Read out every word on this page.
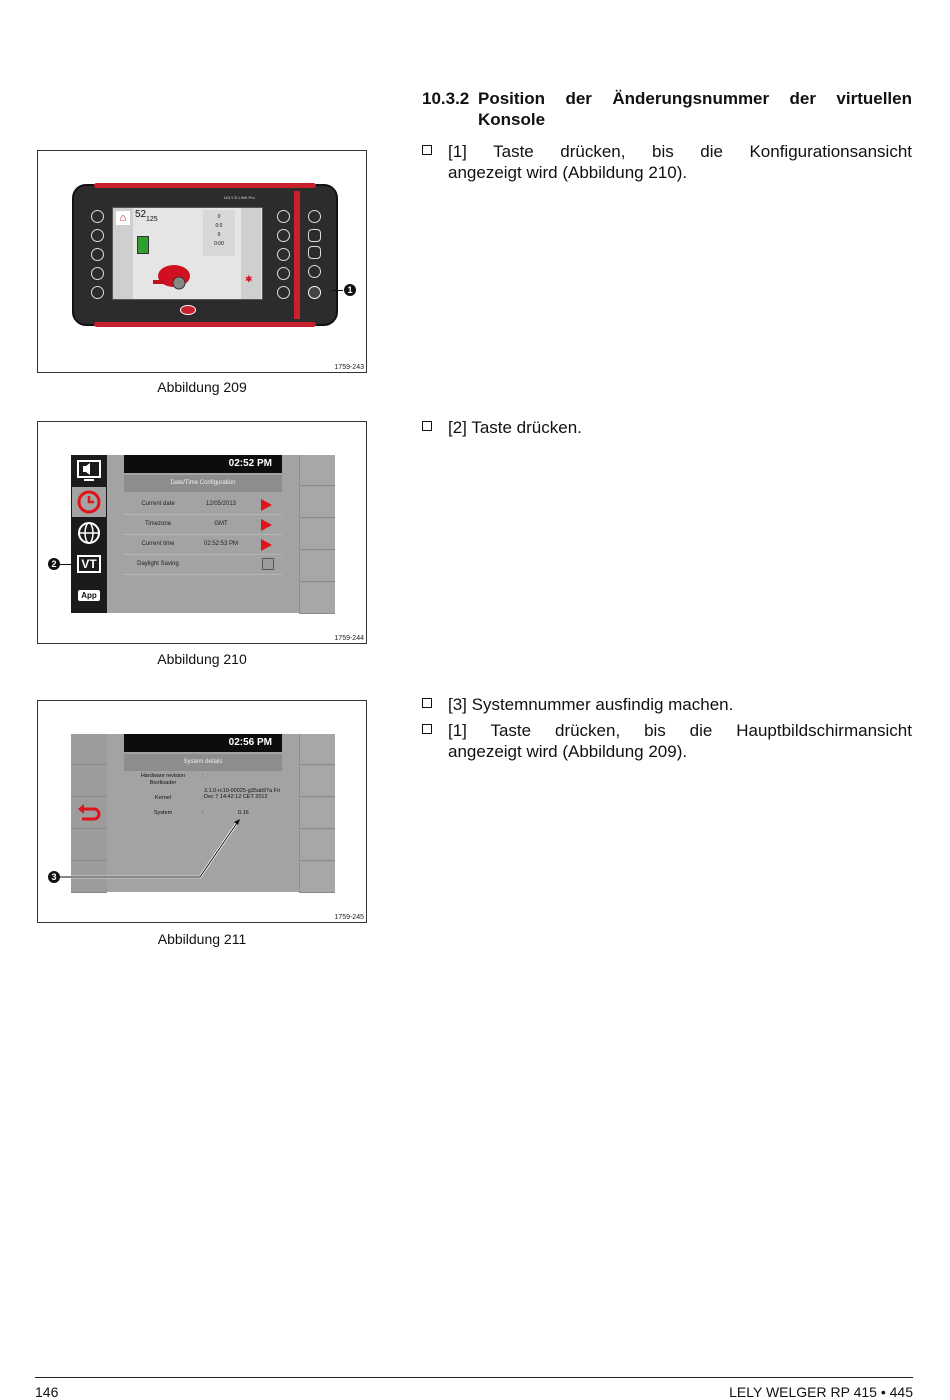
10.3.2 Position der Änderungsnummer der virtuellen
Konsole
[1] Taste drücken, bis die Konfigurationsansicht
angezeigt wird (Abbildung 210).
[2] Taste drücken.
[3] Systemnummer ausfindig machen.
[1] Taste drücken, bis die Hauptbildschirmansicht
angezeigt wird (Abbildung 209).
LELY E-LINK Pro
⌂ 52 125	0
0:0
0
0:00
✱
1
1759-243
Abbildung 209
VT
App
02:52 PM
Date/Time Configuration
Current date	12/05/2013
Timezone	GMT
Current time	02:52:53 PM
Daylight Saving
2
1759-244
Abbildung 210
02:56 PM
System details
Hardware revision	:
Bootloader
Kernel	:
3.1.0-rc10-00025-g35ab97a Fri Dec 7 14:42:12 CET 2012
System	:	0.16
3
1759-245
Abbildung 211
146	LELY WELGER RP 415 • 445
